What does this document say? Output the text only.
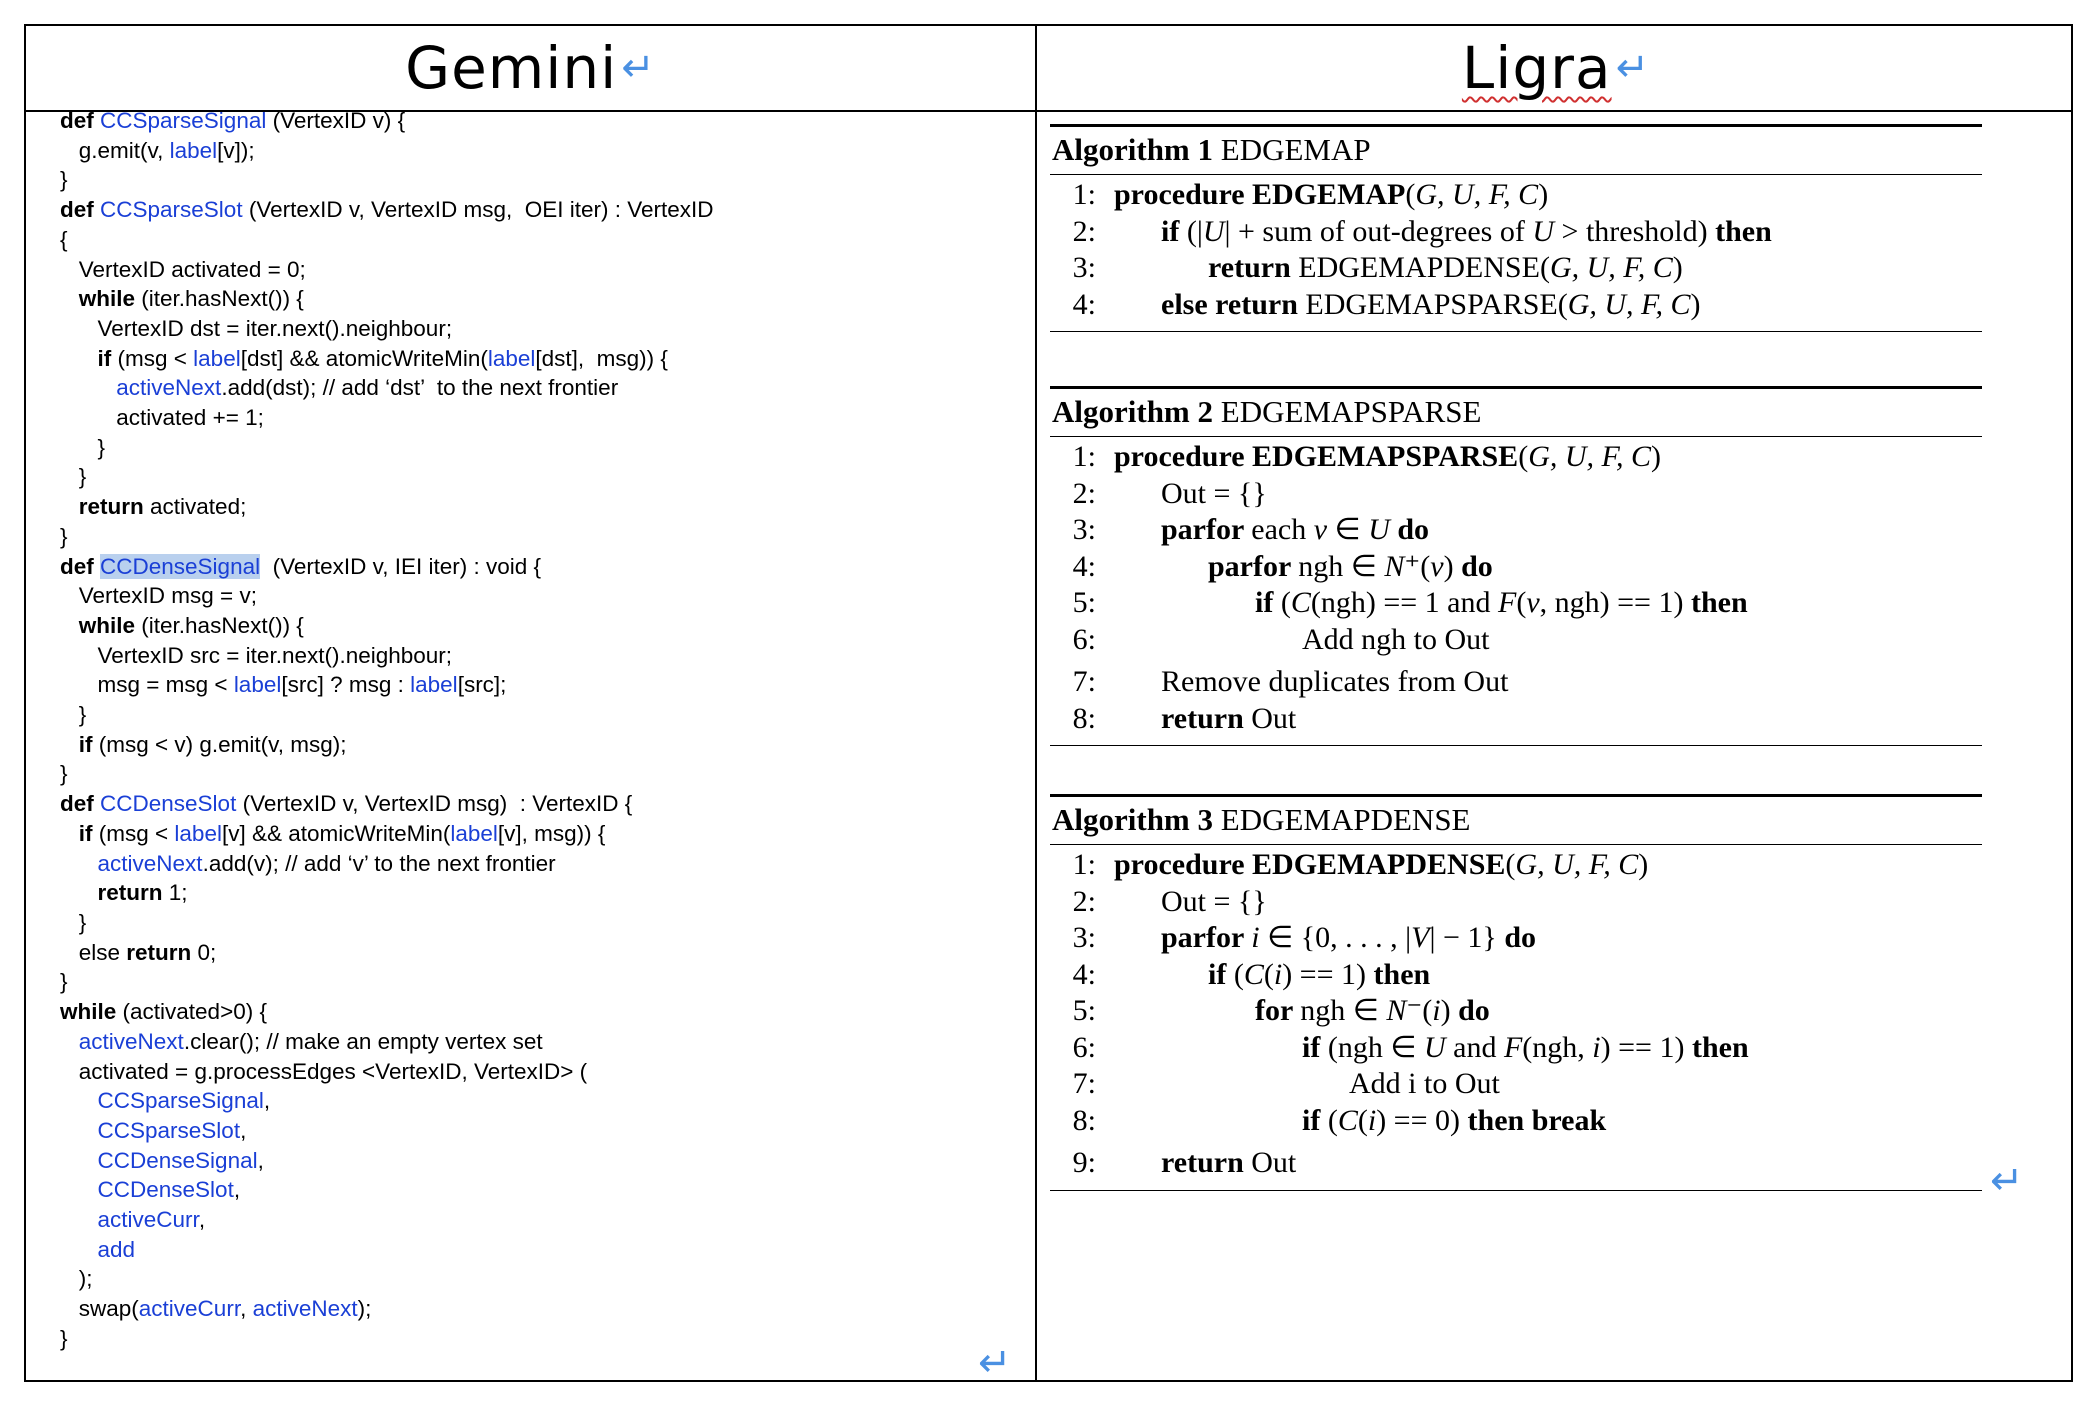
Gemini ↵	Ligra ↵
def CCSparseSignal (VertexID v) {
g.emit(v, label[v]);
}
def CCSparseSlot (VertexID v, VertexID msg,  OEI iter) : VertexID
{
VertexID activated = 0;
while (iter.hasNext()) {
VertexID dst = iter.next().neighbour;
if (msg < label[dst] && atomicWriteMin(label[dst],  msg)) {
activeNext.add(dst); // add ‘dst’  to the next frontier
activated += 1;
}
}
return activated;
}
def CCDenseSignal  (VertexID v, IEI iter) : void {
VertexID msg = v;
while (iter.hasNext()) {
VertexID src = iter.next().neighbour;
msg = msg < label[src] ? msg : label[src];
}
if (msg < v) g.emit(v, msg);
}
def CCDenseSlot (VertexID v, VertexID msg)  : VertexID {
if (msg < label[v] && atomicWriteMin(label[v], msg)) {
activeNext.add(v); // add ‘v’ to the next frontier
return 1;
}
else return 0;
}
while (activated>0) {
activeNext.clear(); // make an empty vertex set
activated = g.processEdges <VertexID, VertexID> (
CCSparseSignal,
CCSparseSlot,
CCDenseSignal,
CCDenseSlot,
activeCurr,
add
);
swap(activeCurr, activeNext);
}
Algorithm 1 EDGEMAP
1: procedure EDGEMAP(G, U, F, C)
2:	if (|U| + sum of out-degrees of U > threshold) then
3:	return EDGEMAPDENSE(G, U, F, C)
4:	else return EDGEMAPSPARSE(G, U, F, C)
Algorithm 2 EDGEMAPSPARSE
1: procedure EDGEMAPSPARSE(G, U, F, C)
2:	Out = {}
3:	parfor each v ∈ U do
4:	parfor ngh ∈ N⁺(v) do
5:	if (C(ngh) == 1 and F(v, ngh) == 1) then
6:	Add ngh to Out
7:	Remove duplicates from Out
8:	return Out
Algorithm 3 EDGEMAPDENSE
1: procedure EDGEMAPDENSE(G, U, F, C)
2:	Out = {}
3:	parfor i ∈ {0, . . . , |V| − 1} do
4:	if (C(i) == 1) then
5:	for ngh ∈ N⁻(i) do
6:	if (ngh ∈ U and F(ngh, i) == 1) then
7:	Add i to Out
8:	if (C(i) == 0) then break
9:	return Out	↵
↵
